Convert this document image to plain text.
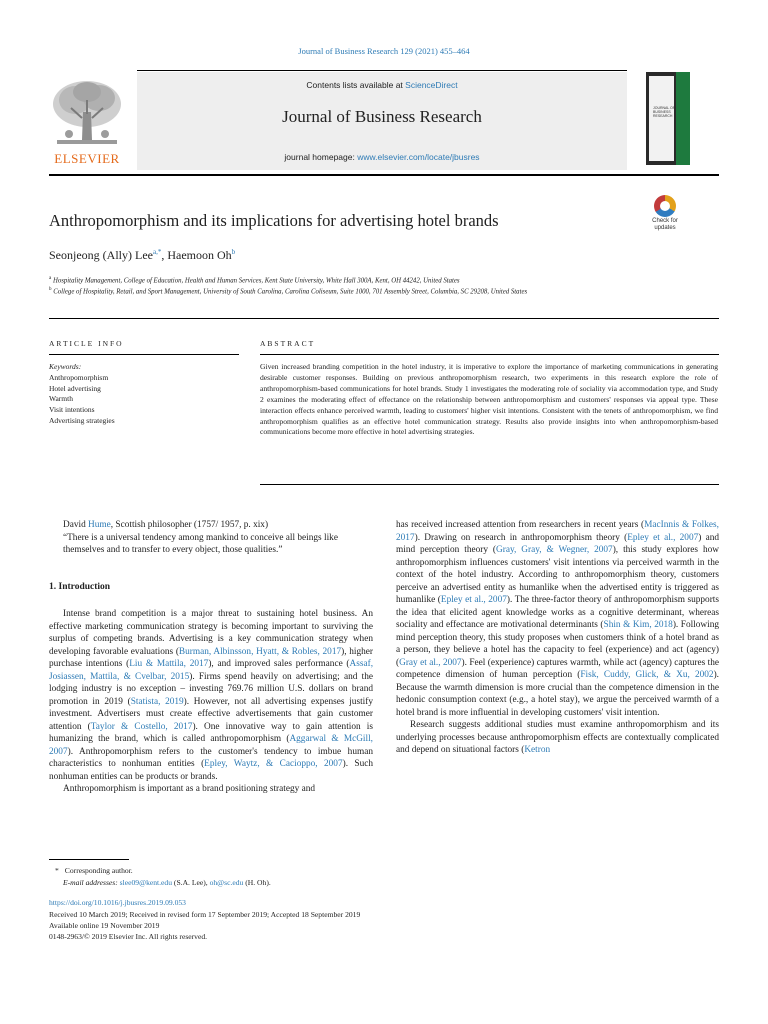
Journal of Business Research 129 (2021) 455–464
Contents lists available at ScienceDirect
Journal of Business Research
journal homepage: www.elsevier.com/locate/jbusres
ELSEVIER
JOURNAL OF BUSINESS RESEARCH
Anthropomorphism and its implications for advertising hotel brands	Check for updates
Seonjeong (Ally) Lee$^{a,*}$, Haemoon Oh$^b$
$^a$ Hospitality Management, College of Education, Health and Human Services, Kent State University, White Hall 300A, Kent, OH 44242, United States
$^b$ College of Hospitality, Retail, and Sport Management, University of South Carolina, Carolina Coliseum, Suite 1000, 701 Assembly Street, Columbia, SC 29208, United States
ARTICLE INFO
Keywords:
Anthropomorphism
Hotel advertising
Warmth
Visit intentions
Advertising strategies
ABSTRACT
Given increased branding competition in the hotel industry, it is imperative to explore the importance of marketing communications in generating desirable customer responses. Building on previous anthropomorphism research, two experiments in this research explore the role of anthropomorphism-based communications for hotel brands. Study 1 investigates the moderating role of sociality via accommodation type, and Study 2 examines the moderating effect of effectance on the relationship between anthropomorphism and customers' responses via appeal type. These interaction effects enhance perceived warmth, leading to customers' higher visit intentions. Consistent with the tenets of anthropomorphism, we find anthropomorphism qualifies as an effective hotel communication strategy. Results also provide insights into when anthropomorphism-based communications become more effective in hotel advertising strategies.

David Hume, Scottish philosopher (1757/ 1957, p. xix)

“There is a universal tendency among mankind to conceive all beings like themselves and to transfer to every object, those qualities.”

1. Introduction

Intense brand competition is a major threat to sustaining hotel business. An effective marketing communication strategy is becoming important to surviving the surplus of competing brands. Advertising is a key communication strategy when developing favorable evaluations (Burman, Albinsson, Hyatt, & Robles, 2017), higher purchase intentions (Liu & Mattila, 2017), and improved sales performance (Assaf, Josiassen, Mattila, & Cvelbar, 2015). Firms spend heavily on advertising; and the lodging industry is no exception – investing 769.76 million U.S. dollars on brand promotion in 2019 (Statista, 2019). However, not all advertising expenses justify investment. Advertisers must create effective advertisements that gain customer attention (Taylor & Costello, 2017). One innovative way to gain attention is humanizing the brand, which is called anthropomorphism (Aggarwal & McGill, 2007). Anthropomorphism refers to the customer's tendency to imbue human characteristics to nonhuman entities (Epley, Waytz, & Cacioppo, 2007). Such nonhuman entities can be products or brands.

Anthropomorphism is important as a brand positioning strategy and

has received increased attention from researchers in recent years (MacInnis & Folkes, 2017). Drawing on research in anthropomorphism theory (Epley et al., 2007) and mind perception theory (Gray, Gray, & Wegner, 2007), this study explores how anthropomorphism influences customers' visit intentions via perceived warmth in the context of the hotel industry. According to anthropomorphism theory, customers perceive an advertised entity as humanlike when the advertised entity is triggered as humanlike (Epley et al., 2007). The three-factor theory of anthropomorphism supports the idea that elicited agent knowledge works as a cognitive determinant, whereas sociality and effectance are motivational determinants (Shin & Kim, 2018). Following mind perception theory, this study proposes when customers think of a hotel brand as a person, they believe a hotel has the capacity to feel (experience) and act (agency) (Gray et al., 2007). Feel (experience) captures warmth, while act (agency) captures the competence dimension of human perception (Fisk, Cuddy, Glick, & Xu, 2002). Because the warmth dimension is more crucial than the competence dimension in the hedonic consumption context (e.g., a hotel stay), we argue the perceived warmth of a hotel brand is more influential in developing customers' visit intention.

Research suggests additional studies must examine anthropomorphism and its underlying processes because anthropomorphism effects are contextually complicated and depend on situational factors (Ketron

* Corresponding author.
E-mail addresses: slee09@kent.edu (S.A. Lee), oh@sc.edu (H. Oh).
https://doi.org/10.1016/j.jbusres.2019.09.053
Received 10 March 2019; Received in revised form 17 September 2019; Accepted 18 September 2019
Available online 19 November 2019
0148-2963/© 2019 Elsevier Inc. All rights reserved.
